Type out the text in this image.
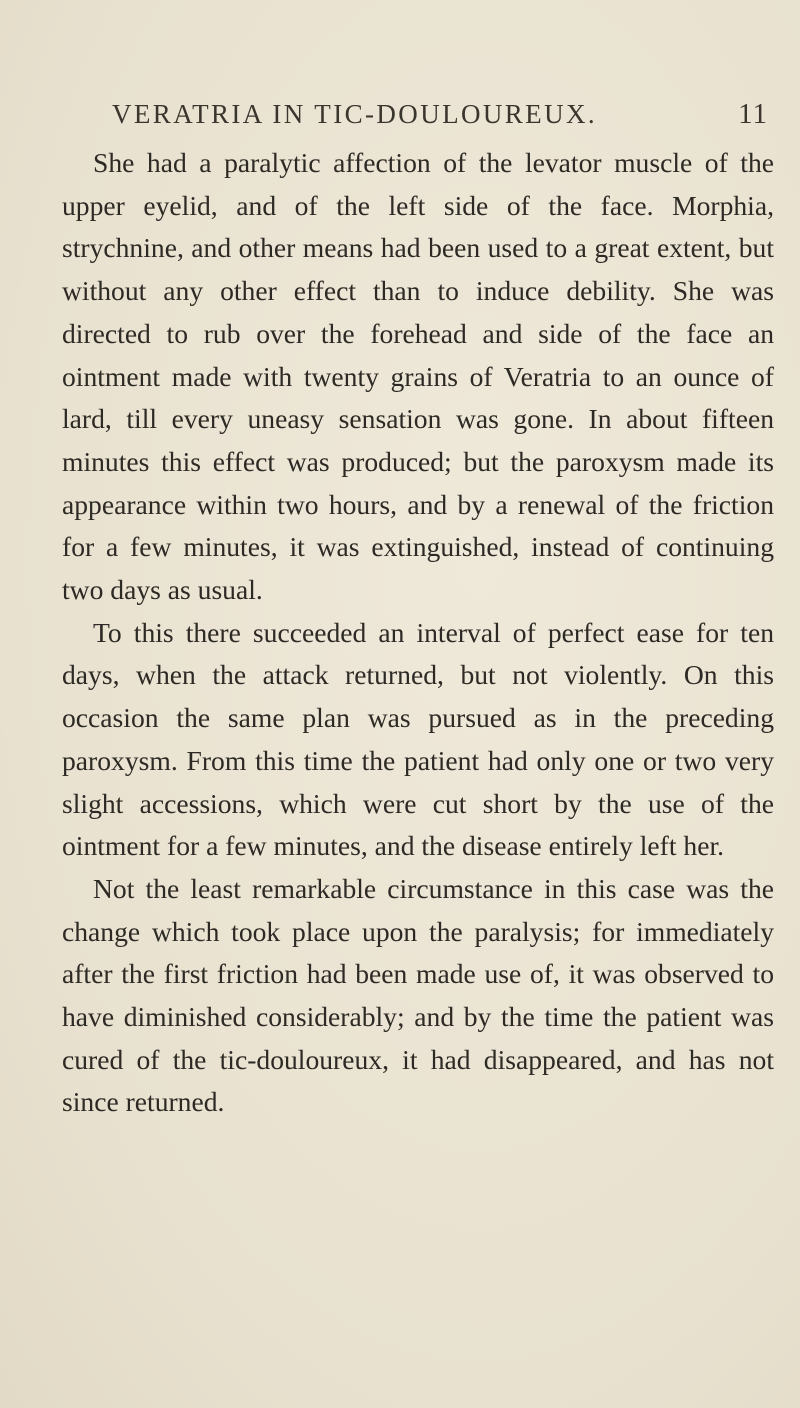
VERATRIA IN TIC-DOULOUREUX.	11

She had a paralytic affection of the levator muscle of the upper eyelid, and of the left side of the face. Morphia, strychnine, and other means had been used to a great extent, but without any other effect than to induce debility. She was directed to rub over the forehead and side of the face an ointment made with twenty grains of Veratria to an ounce of lard, till every uneasy sensation was gone. In about fifteen minutes this effect was produced; but the paroxysm made its appearance within two hours, and by a renewal of the friction for a few minutes, it was extinguished, instead of continuing two days as usual.

To this there succeeded an interval of perfect ease for ten days, when the attack returned, but not violently. On this occasion the same plan was pursued as in the preceding paroxysm. From this time the patient had only one or two very slight accessions, which were cut short by the use of the ointment for a few minutes, and the disease entirely left her.

Not the least remarkable circumstance in this case was the change which took place upon the paralysis; for immediately after the first friction had been made use of, it was observed to have diminished considerably; and by the time the patient was cured of the tic-douloureux, it had disappeared, and has not since returned.
